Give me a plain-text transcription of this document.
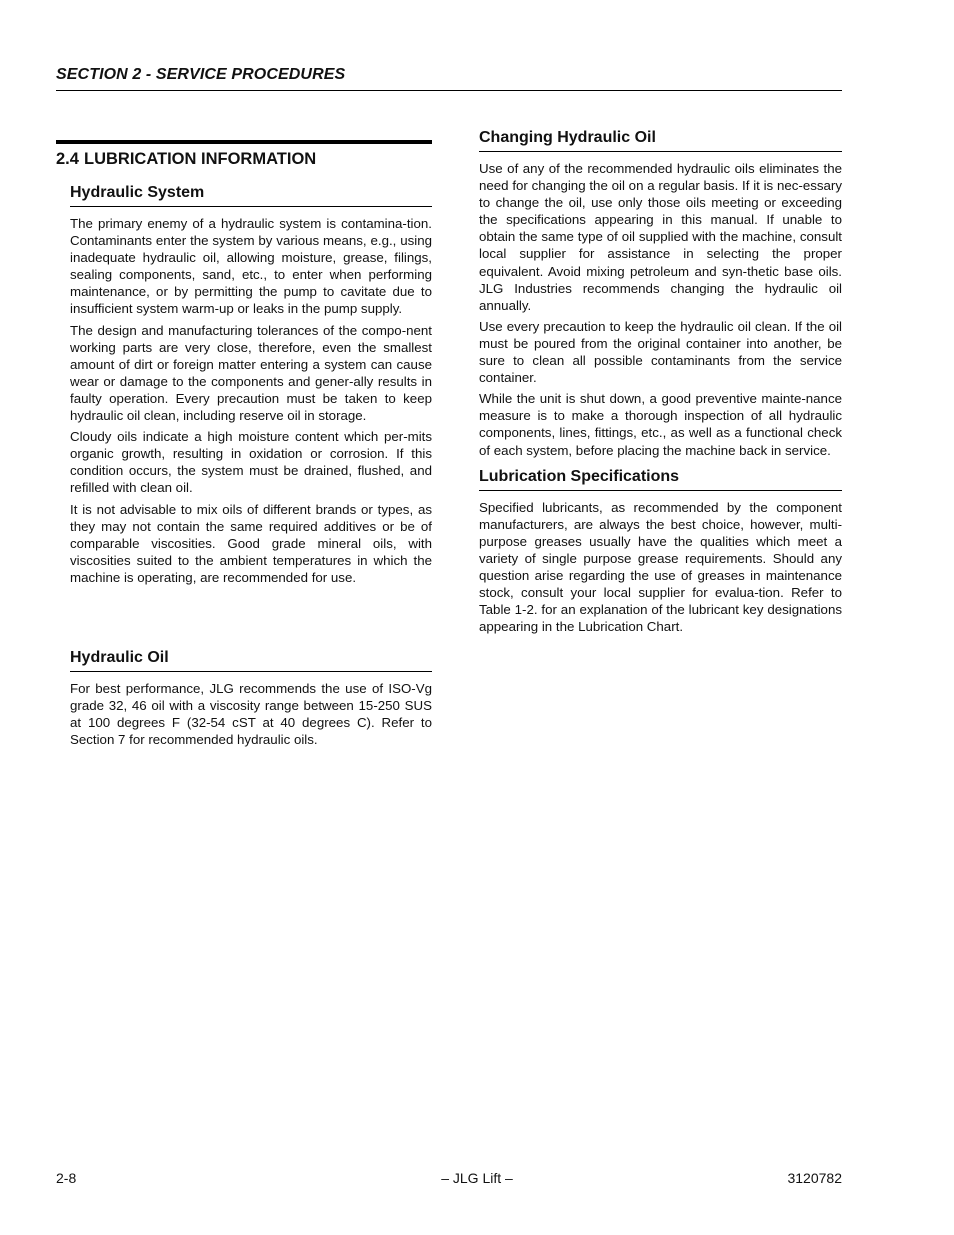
SECTION 2 - SERVICE PROCEDURES
2.4 LUBRICATION INFORMATION
Hydraulic System

The primary enemy of a hydraulic system is contamina-tion. Contaminants enter the system by various means, e.g., using inadequate hydraulic oil, allowing moisture, grease, filings, sealing components, sand, etc., to enter when performing maintenance, or by permitting the pump to cavitate due to insufficient system warm-up or leaks in the pump supply.

The design and manufacturing tolerances of the compo-nent working parts are very close, therefore, even the smallest amount of dirt or foreign matter entering a system can cause wear or damage to the components and gener-ally results in faulty operation. Every precaution must be taken to keep hydraulic oil clean, including reserve oil in storage.

Cloudy oils indicate a high moisture content which per-mits organic growth, resulting in oxidation or corrosion. If this condition occurs, the system must be drained, flushed, and refilled with clean oil.

It is not advisable to mix oils of different brands or types, as they may not contain the same required additives or be of comparable viscosities. Good grade mineral oils, with viscosities suited to the ambient temperatures in which the machine is operating, are recommended for use.

Hydraulic Oil

For best performance, JLG recommends the use of ISO-Vg grade 32, 46 oil with a viscosity range between 15-250 SUS at 100 degrees F (32-54 cST at 40 degrees C). Refer to Section 7 for recommended hydraulic oils.

Changing Hydraulic Oil

Use of any of the recommended hydraulic oils eliminates the need for changing the oil on a regular basis. If it is nec-essary to change the oil, use only those oils meeting or exceeding the specifications appearing in this manual. If unable to obtain the same type of oil supplied with the machine, consult local supplier for assistance in selecting the proper equivalent. Avoid mixing petroleum and syn-thetic base oils. JLG Industries recommends changing the hydraulic oil annually.

Use every precaution to keep the hydraulic oil clean. If the oil must be poured from the original container into another, be sure to clean all possible contaminants from the service container.

While the unit is shut down, a good preventive mainte-nance measure is to make a thorough inspection of all hydraulic components, lines, fittings, etc., as well as a functional check of each system, before placing the machine back in service.

Lubrication Specifications

Specified lubricants, as recommended by the component manufacturers, are always the best choice, however, multi-purpose greases usually have the qualities which meet a variety of single purpose grease requirements. Should any question arise regarding the use of greases in maintenance stock, consult your local supplier for evalua-tion. Refer to Table 1-2. for an explanation of the lubricant key designations appearing in the Lubrication Chart.

2-8	– JLG Lift –	3120782
